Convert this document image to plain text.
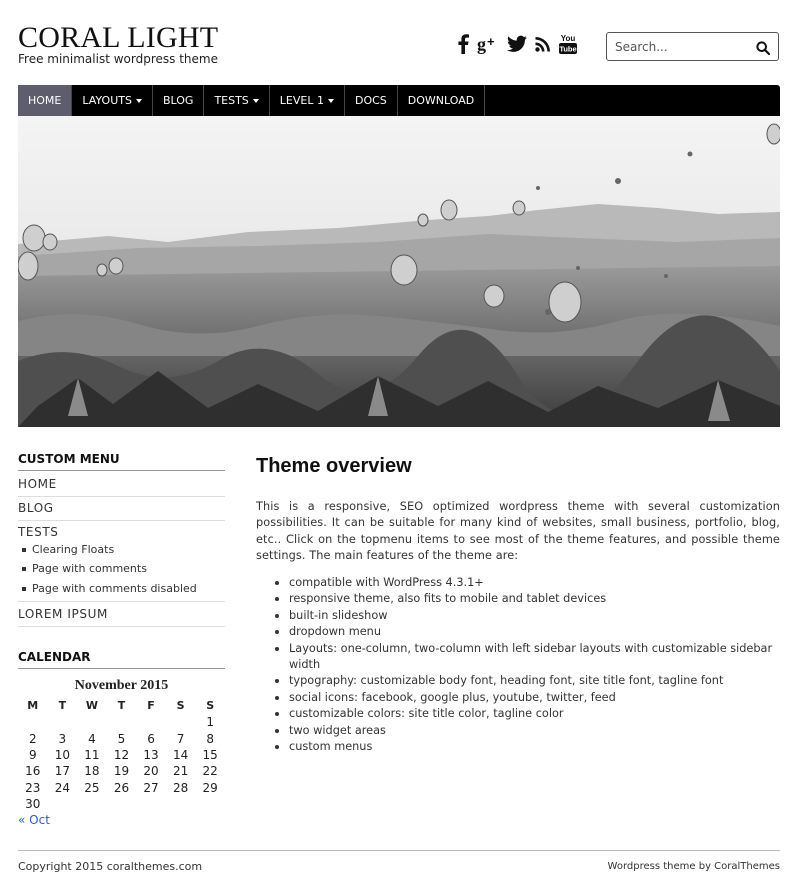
CORAL LIGHT
Free minimalist wordpress theme
g +	You
Tube
Search...
HOME LAYOUTS	BLOG TESTS	LEVEL 1	DOCS DOWNLOAD
CUSTOM MENU
HOME
BLOG
TESTS
Clearing Floats
Page with comments
Page with comments disabled
LOREM IPSUM
CALENDAR
November 2015
M	T	W	T	F	S	S
						1
2	3	4	5	6	7	8
9	10	11	12	13	14	15
16	17	18	19	20	21	22
23	24	25	26	27	28	29
30						
« Oct
Theme overview

This is a responsive, SEO optimized wordpress theme with several customization possibilities. It can be suitable for many kind of websites, small business, portfolio, blog, etc.. Click on the topmenu items to see most of the theme features, and possible theme settings. The main features of the theme are:

compatible with WordPress 4.3.1+
responsive theme, also fits to mobile and tablet devices
built-in slideshow
dropdown menu
Layouts: one-column, two-column with left sidebar layouts with customizable sidebar width
typography: customizable body font, heading font, site title font, tagline font
social icons: facebook, google plus, youtube, twitter, feed
customizable colors: site title color, tagline color
two widget areas
custom menus
Copyright 2015 coralthemes.com	Wordpress theme by CoralThemes
